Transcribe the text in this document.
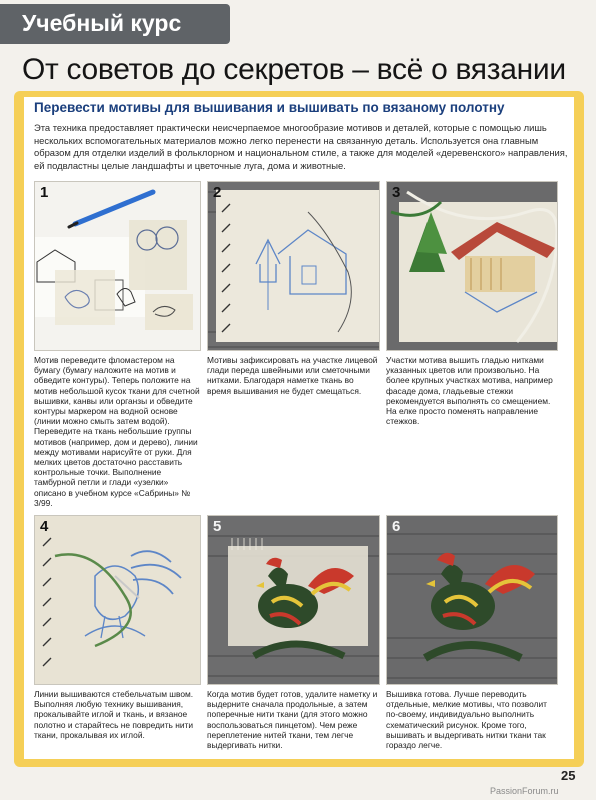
Учебный курс
От советов до секретов – всё о вязании
Перевести мотивы для вышивания и вышивать по вязаному полотну
Эта техника предоставляет практически неисчерпаемое многообразие мотивов и деталей, которые с помощью лишь нескольких вспомогательных материалов можно легко перенести на связанную деталь. Используется она главным образом для отделки изделий в фольклорном и национальном стиле, а также для моделей «деревенского» направления, ей подвластны целые ландшафты и цветочные луга, дома и животные.
1	2	3
Мотив переведите фломастером на бумагу (бумагу наложите на мотив и обведите контуры). Теперь положите на мотив небольшой кусок ткани для счетной вышивки, канвы или органзы и обведите контуры маркером на водной основе (линии можно смыть затем водой). Переведите на ткань небольшие группы мотивов (например, дом и дерево), линии между мотивами нарисуйте от руки. Для мелких цветов достаточно расставить контрольные точки. Выполнение тамбурной петли и глади «узелки» описано в учебном курсе «Сабрины» № 3/99.
Мотивы зафиксировать на участке лицевой глади переда швейными или сметочными нитками. Благодаря наметке ткань во время вышивания не будет смещаться.
Участки мотива вышить гладью нитками указанных цветов или произвольно. На более крупных участках мотива, например фасаде дома, гладьевые стежки рекомендуется выполнять со смещением. На елке просто поменять направление стежков.
4	5	6
Линии вышиваются стебельчатым швом. Выполняя любую технику вышивания, прокалывайте иглой и ткань, и вязаное полотно и старайтесь не повредить нити ткани, прокалывая их иглой.
Когда мотив будет готов, удалите наметку и выдерните сначала продольные, а затем поперечные нити ткани (для этого можно воспользоваться пинцетом). Чем реже переплетение нитей ткани, тем легче выдергивать нитки.
Вышивка готова. Лучше переводить отдельные, мелкие мотивы, что позволит по-своему, индивидуально выполнить схематический рисунок. Кроме того, вышивать и выдергивать нитки ткани так гораздо легче.
25
PassionForum.ru
